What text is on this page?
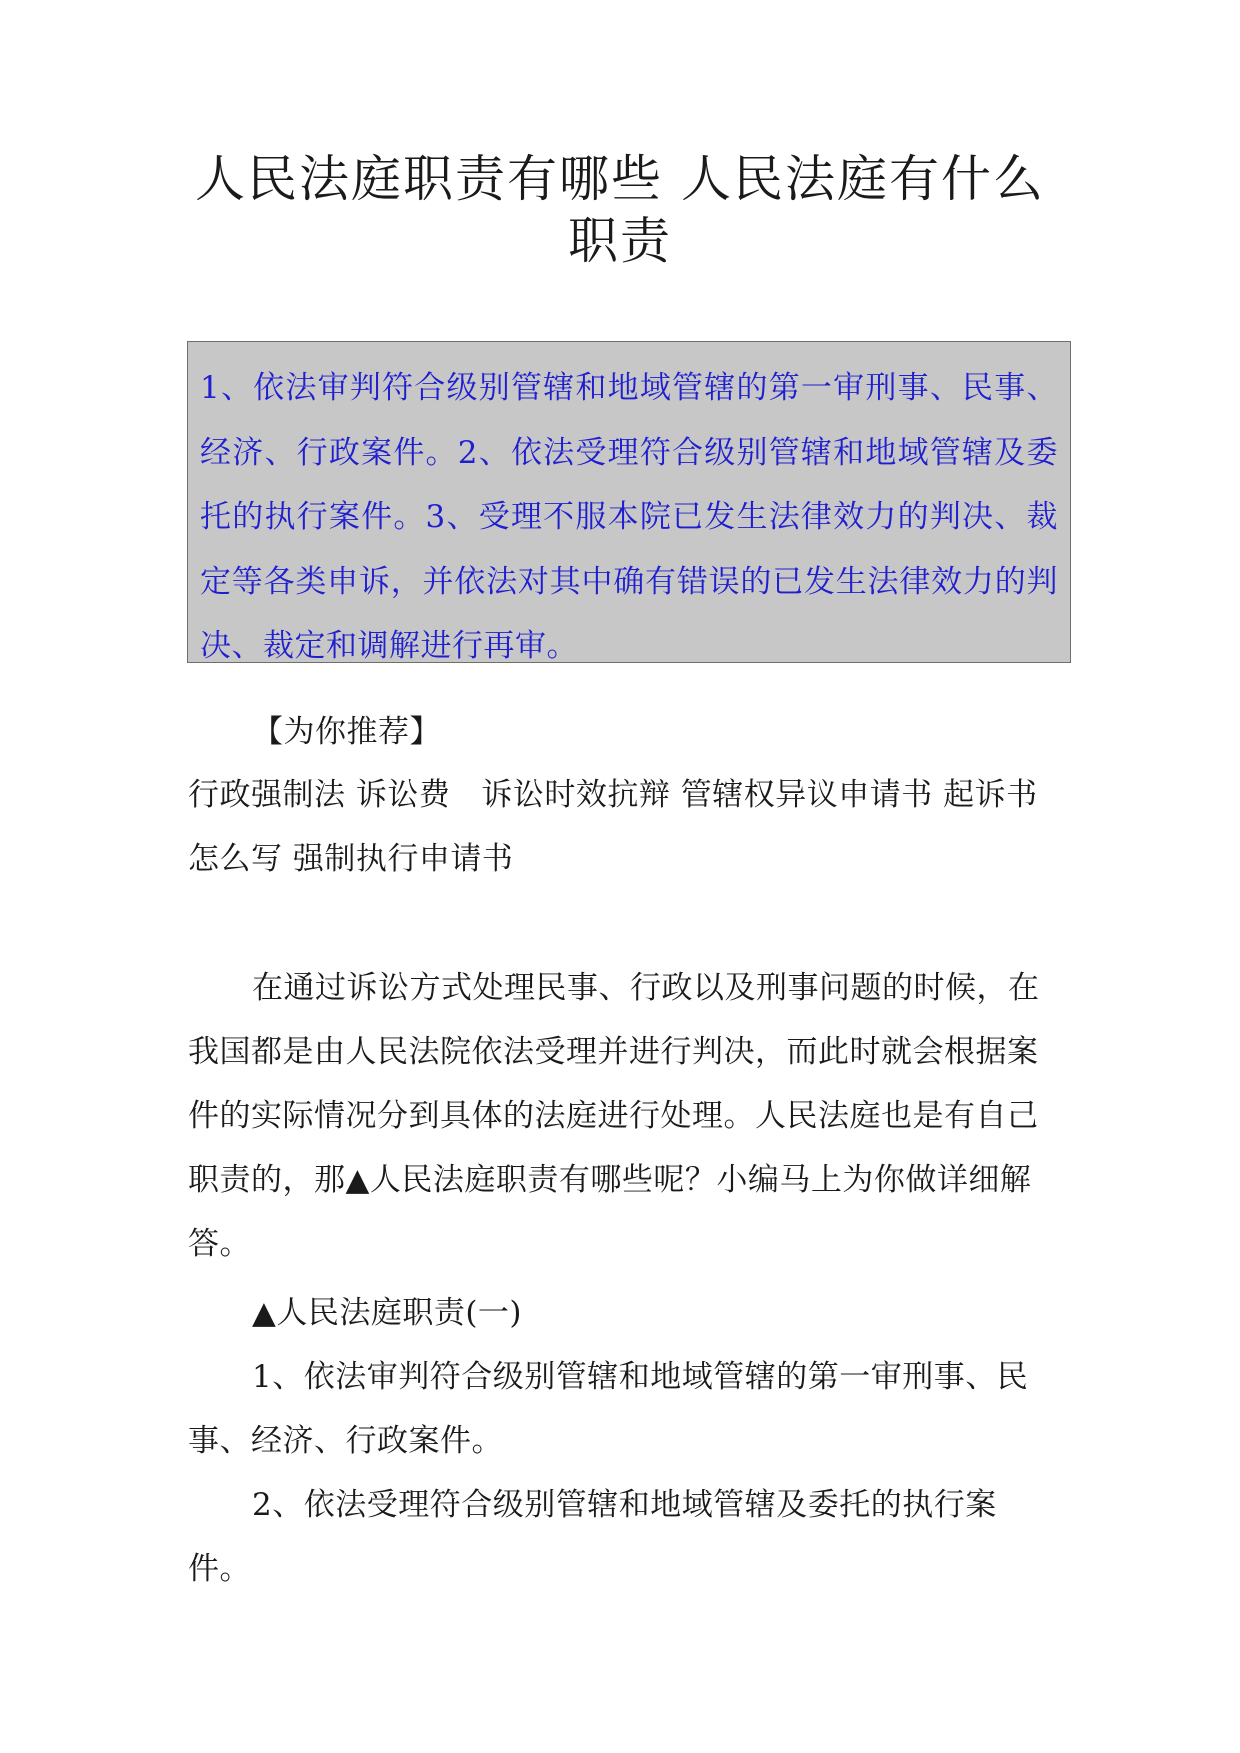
人民法庭职责有哪些 人民法庭有什么职责

1、依法审判符合级别管辖和地域管辖的第一审刑事、民事、经济、行政案件。2、依法受理符合级别管辖和地域管辖及委托的执行案件。3、受理不服本院已发生法律效力的判决、裁定等各类申诉，并依法对其中确有错误的已发生法律效力的判决、裁定和调解进行再审。

【为你推荐】

行政强制法 诉讼费 诉讼时效抗辩 管辖权异议申请书 起诉书怎么写 强制执行申请书

在通过诉讼方式处理民事、行政以及刑事问题的时候，在我国都是由人民法院依法受理并进行判决，而此时就会根据案件的实际情况分到具体的法庭进行处理。人民法庭也是有自己职责的，那▲人民法庭职责有哪些呢？小编马上为你做详细解答。

▲人民法庭职责(一)

1、依法审判符合级别管辖和地域管辖的第一审刑事、民事、经济、行政案件。

2、依法受理符合级别管辖和地域管辖及委托的执行案件。
